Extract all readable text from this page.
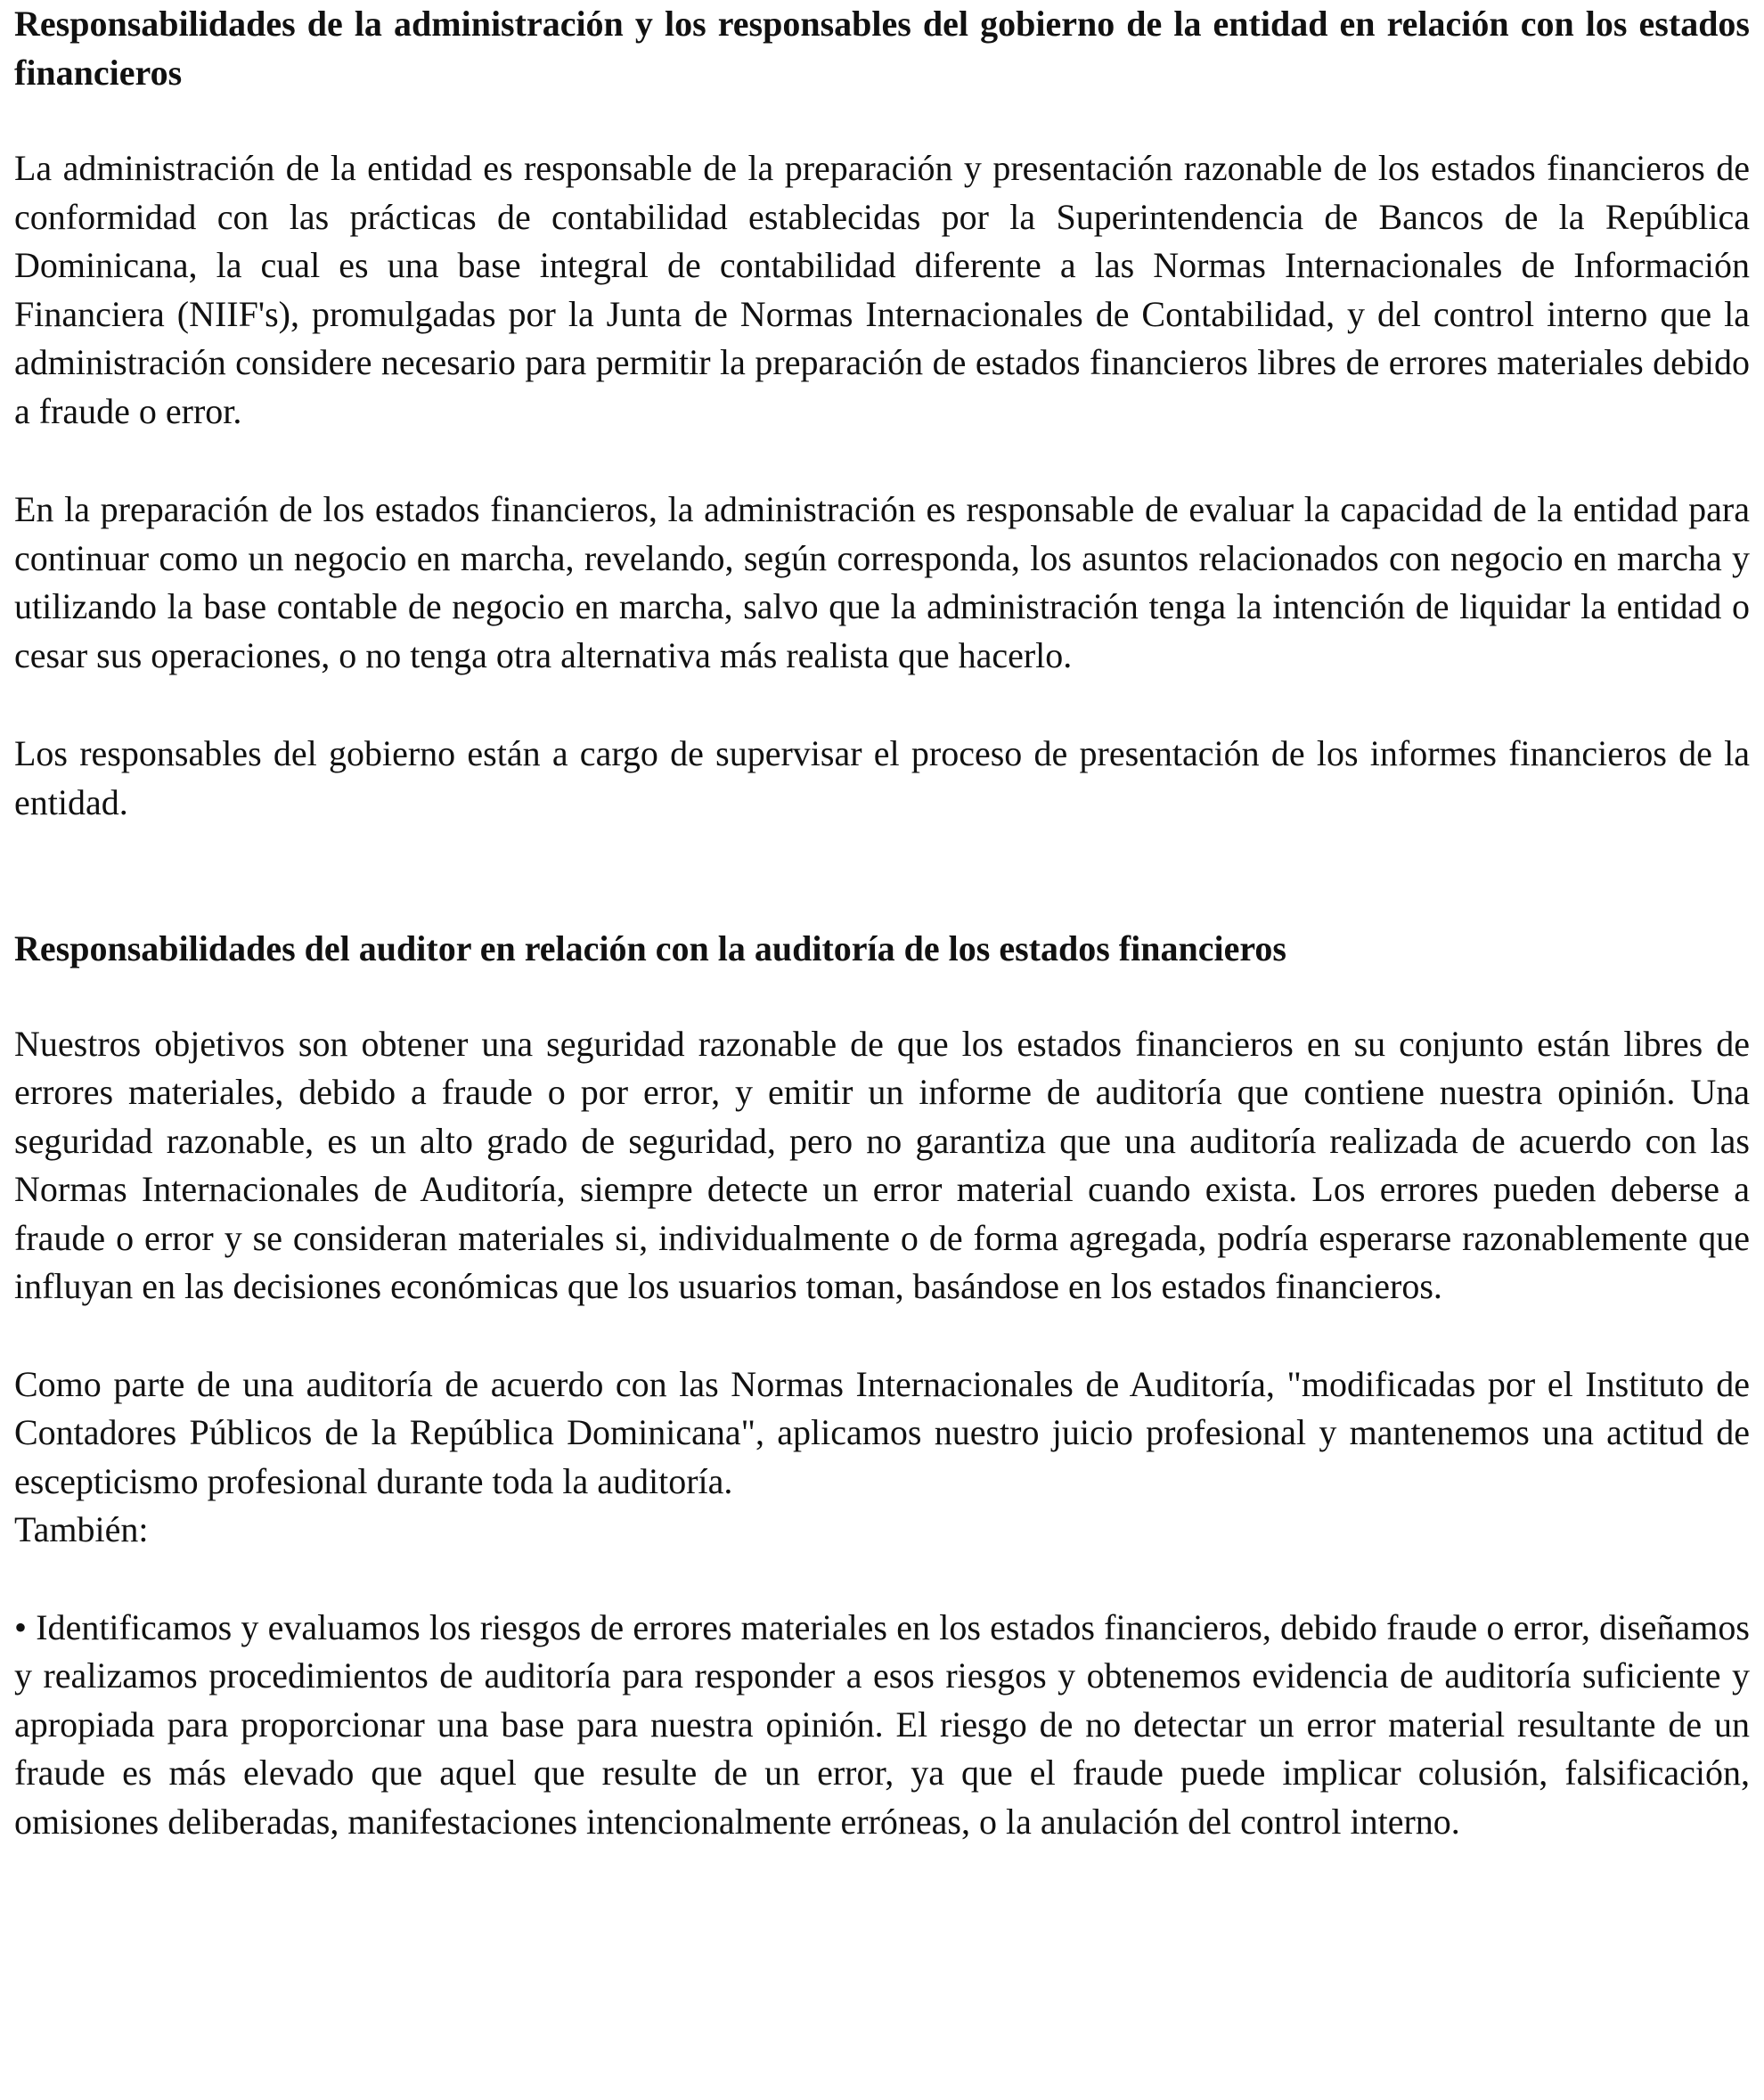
Responsabilidades de la administración y los responsables del gobierno de la entidad en relación con los estados financieros

La administración de la entidad es responsable de la preparación y presentación razonable de los estados financieros de conformidad con las prácticas de contabilidad establecidas por la Superintendencia de Bancos de la República Dominicana, la cual es una base integral de contabilidad diferente a las Normas Internacionales de Información Financiera (NIIF's), promulgadas por la Junta de Normas Internacionales de Contabilidad, y del control interno que la administración considere necesario para permitir la preparación de estados financieros libres de errores materiales debido a fraude o error.

En la preparación de los estados financieros, la administración es responsable de evaluar la capacidad de la entidad para continuar como un negocio en marcha, revelando, según corresponda, los asuntos relacionados con negocio en marcha y utilizando la base contable de negocio en marcha, salvo que la administración tenga la intención de liquidar la entidad o cesar sus operaciones, o no tenga otra alternativa más realista que hacerlo.

Los responsables del gobierno están a cargo de supervisar el proceso de presentación de los informes financieros de la entidad.

Responsabilidades del auditor en relación con la auditoría de los estados financieros

Nuestros objetivos son obtener una seguridad razonable de que los estados financieros en su conjunto están libres de errores materiales, debido a fraude o por error, y emitir un informe de auditoría que contiene nuestra opinión. Una seguridad razonable, es un alto grado de seguridad, pero no garantiza que una auditoría realizada de acuerdo con las Normas Internacionales de Auditoría, siempre detecte un error material cuando exista. Los errores pueden deberse a fraude o error y se consideran materiales si, individualmente o de forma agregada, podría esperarse razonablemente que influyan en las decisiones económicas que los usuarios toman, basándose en los estados financieros.

Como parte de una auditoría de acuerdo con las Normas Internacionales de Auditoría, "modificadas por el Instituto de Contadores Públicos de la República Dominicana", aplicamos nuestro juicio profesional y mantenemos una actitud de escepticismo profesional durante toda la auditoría.

También:

• Identificamos y evaluamos los riesgos de errores materiales en los estados financieros, debido fraude o error, diseñamos y realizamos procedimientos de auditoría para responder a esos riesgos y obtenemos evidencia de auditoría suficiente y apropiada para proporcionar una base para nuestra opinión. El riesgo de no detectar un error material resultante de un fraude es más elevado que aquel que resulte de un error, ya que el fraude puede implicar colusión, falsificación, omisiones deliberadas, manifestaciones intencionalmente erróneas, o la anulación del control interno.
